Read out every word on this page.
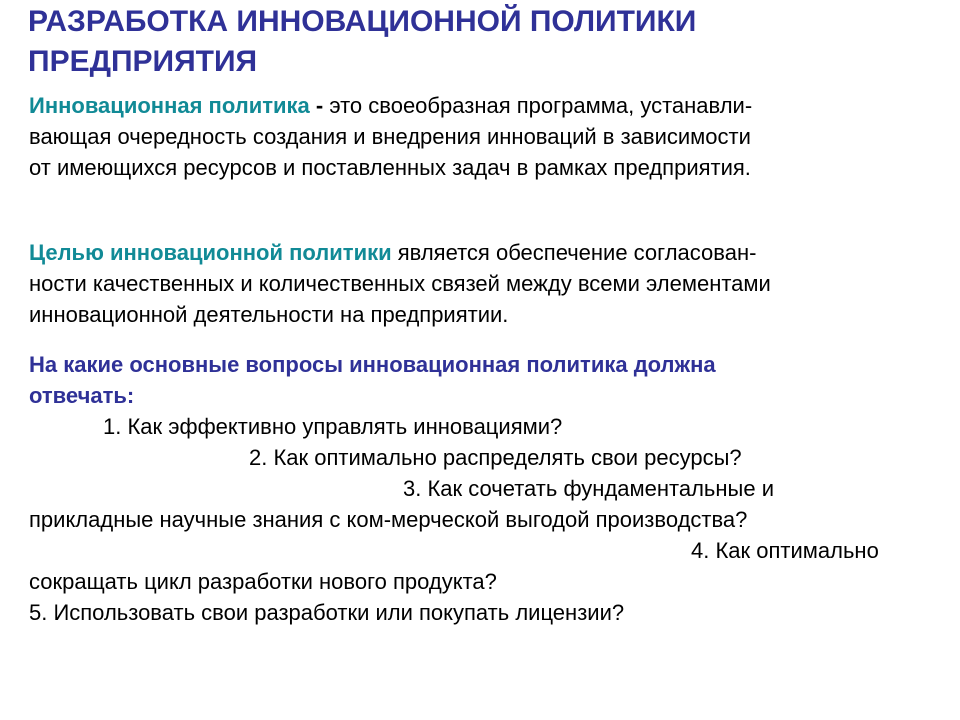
РАЗРАБОТКА ИННОВАЦИОННОЙ ПОЛИТИКИ ПРЕДПРИЯТИЯ

Инновационная политика - это своеобразная программа, устанавли-
вающая очередность создания и внедрения инноваций в зависимости
от имеющихся ресурсов и поставленных задач в рамках предприятия.

Целью инновационной политики является обеспечение согласован-
ности качественных и количественных связей между всеми элементами
инновационной деятельности на предприятии.

На какие основные вопросы инновационная политика должна
отвечать:
1. Как эффективно управлять инновациями?
2. Как оптимально распределять свои ресурсы?
3. Как сочетать фундаментальные и
прикладные научные знания с ком-мерческой выгодой производства?
4. Как оптимально
сокращать цикл разработки нового продукта?
5. Использовать свои разработки или покупать лицензии?
